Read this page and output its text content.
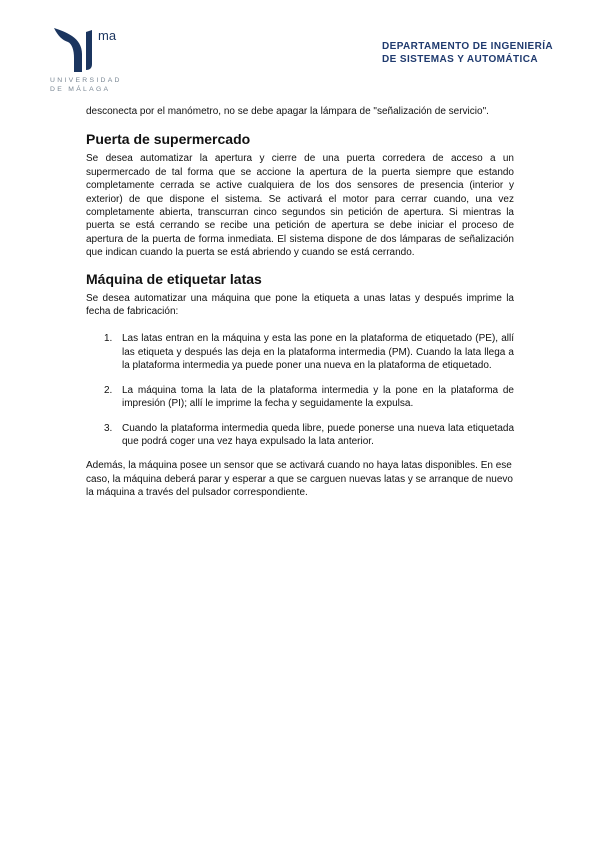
ma
UNIVERSIDAD
DE MÁLAGA
DEPARTAMENTO DE INGENIERÍA
DE SISTEMAS Y AUTOMÁTICA

desconecta por el manómetro, no se debe apagar la lámpara de "señalización de servicio".

Puerta de supermercado

Se desea automatizar la apertura y cierre de una puerta corredera de acceso a un supermercado de tal forma que se accione la apertura de la puerta siempre que estando completamente cerrada se active cualquiera de los dos sensores de presencia (interior y exterior) de que dispone el sistema. Se activará el motor para cerrar cuando, una vez completamente abierta, transcurran cinco segundos sin petición de apertura. Si mientras la puerta se está cerrando se recibe una petición de apertura se debe iniciar el proceso de apertura de la puerta de forma inmediata. El sistema dispone de dos lámparas de señalización que indican cuando la puerta se está abriendo y cuando se está cerrando.

Máquina de etiquetar latas

Se desea automatizar una máquina que pone la etiqueta a unas latas y después imprime la fecha de fabricación:

1. Las latas entran en la máquina y esta las pone en la plataforma de etiquetado (PE), allí las etiqueta y después las deja en la plataforma intermedia (PM). Cuando la lata llega a la plataforma intermedia ya puede poner una nueva en la plataforma de etiquetado.
2. La máquina toma la lata de la plataforma intermedia y la pone en la plataforma de impresión (PI); allí le imprime la fecha y seguidamente la expulsa.
3. Cuando la plataforma intermedia queda libre, puede ponerse una nueva lata etiquetada que podrá coger una vez haya expulsado la lata anterior.

Además, la máquina posee un sensor que se activará cuando no haya latas disponibles. En ese caso, la máquina deberá parar y esperar a que se carguen nuevas latas y se arranque de nuevo la máquina a través del pulsador correspondiente.
